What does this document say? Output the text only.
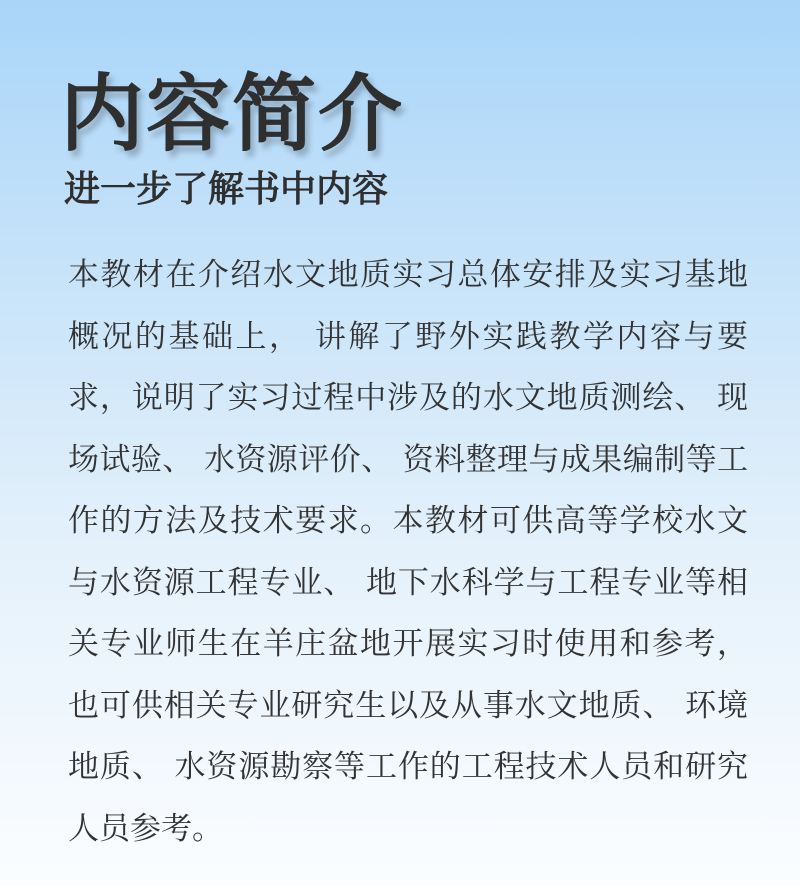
内容简介
进一步了解书中内容

本教材在介绍水文地质实习总体安排及实习基地概况的基础上， 讲解了野外实践教学内容与要求，说明了实习过程中涉及的水文地质测绘、 现场试验、 水资源评价、 资料整理与成果编制等工作的方法及技术要求。本教材可供高等学校水文与水资源工程专业、 地下水科学与工程专业等相关专业师生在羊庄盆地开展实习时使用和参考，也可供相关专业研究生以及从事水文地质、 环境地质、 水资源勘察等工作的工程技术人员和研究人员参考。
